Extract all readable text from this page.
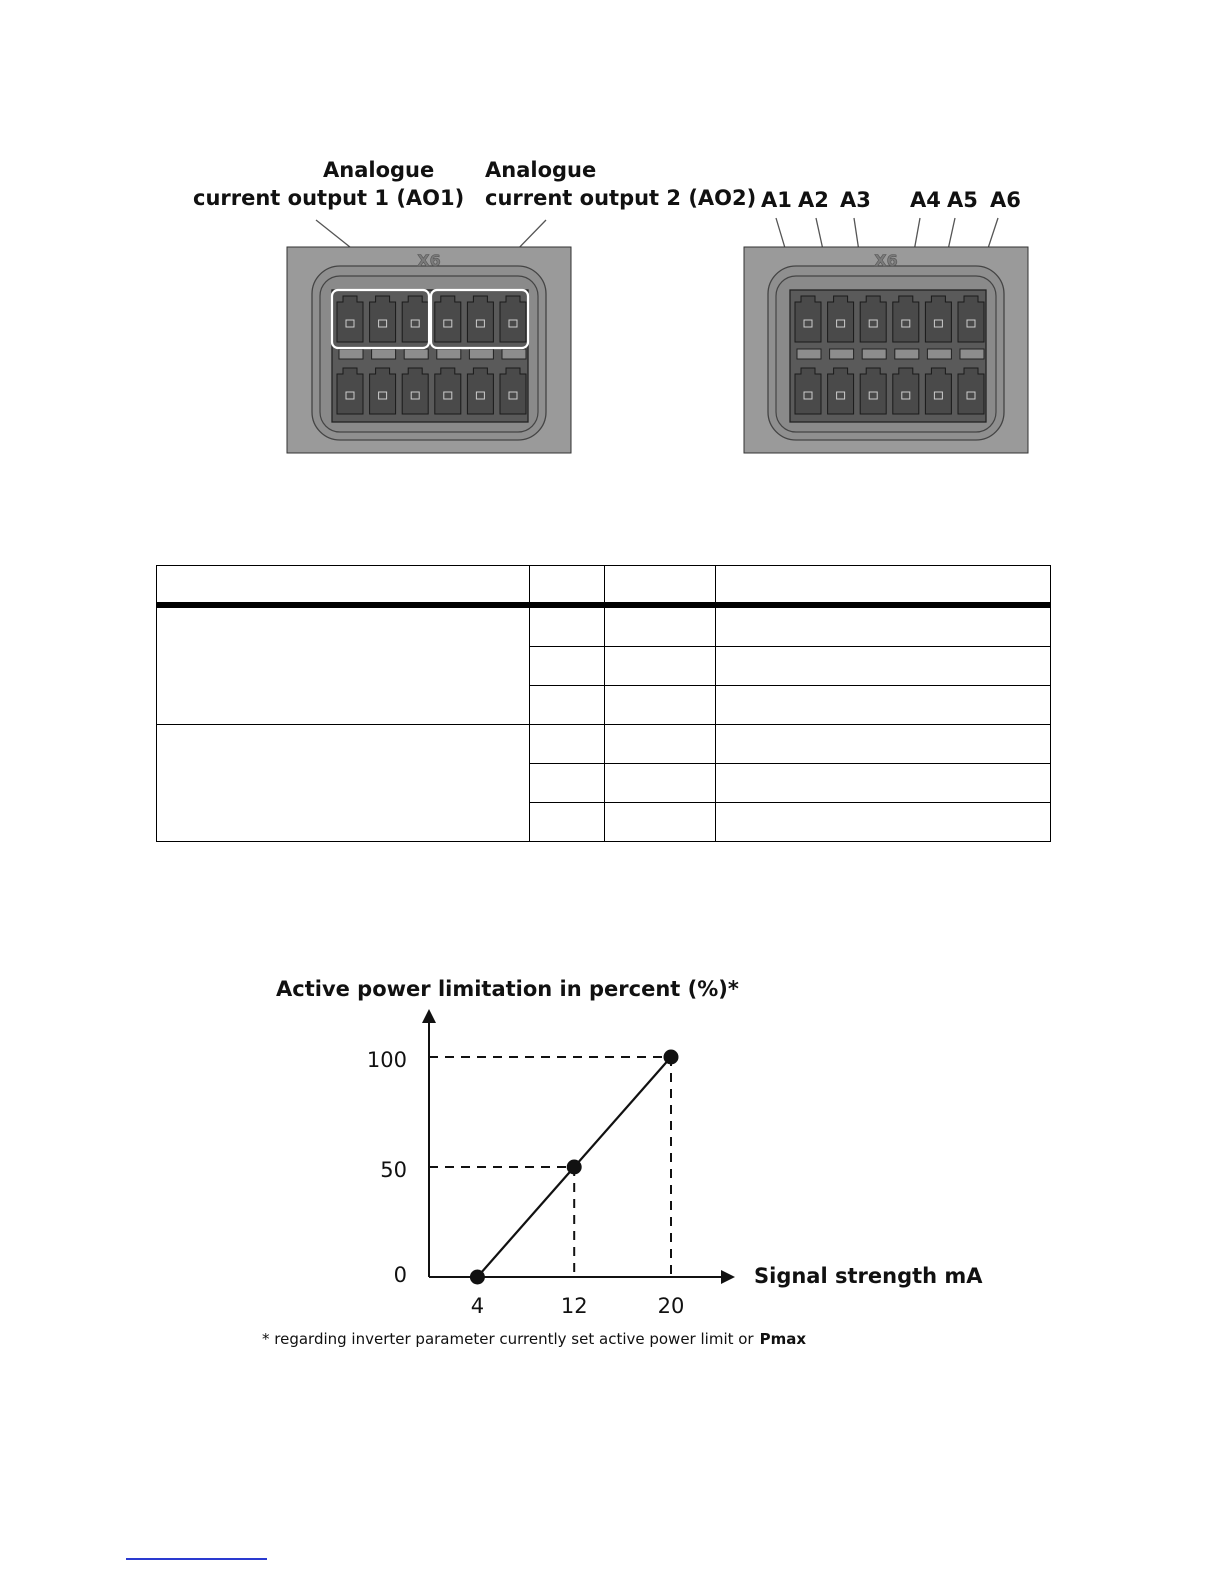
Analogue
current output 1 (AO1)
Analogue
current output 2 (AO2)
X6
A1 A2 A3 A4 A5 A6
X6

Active power limitation in percent (%)*
Signal strength mA
4	12	20
0
50
100
* regarding inverter parameter currently set active power limit or Pmax
